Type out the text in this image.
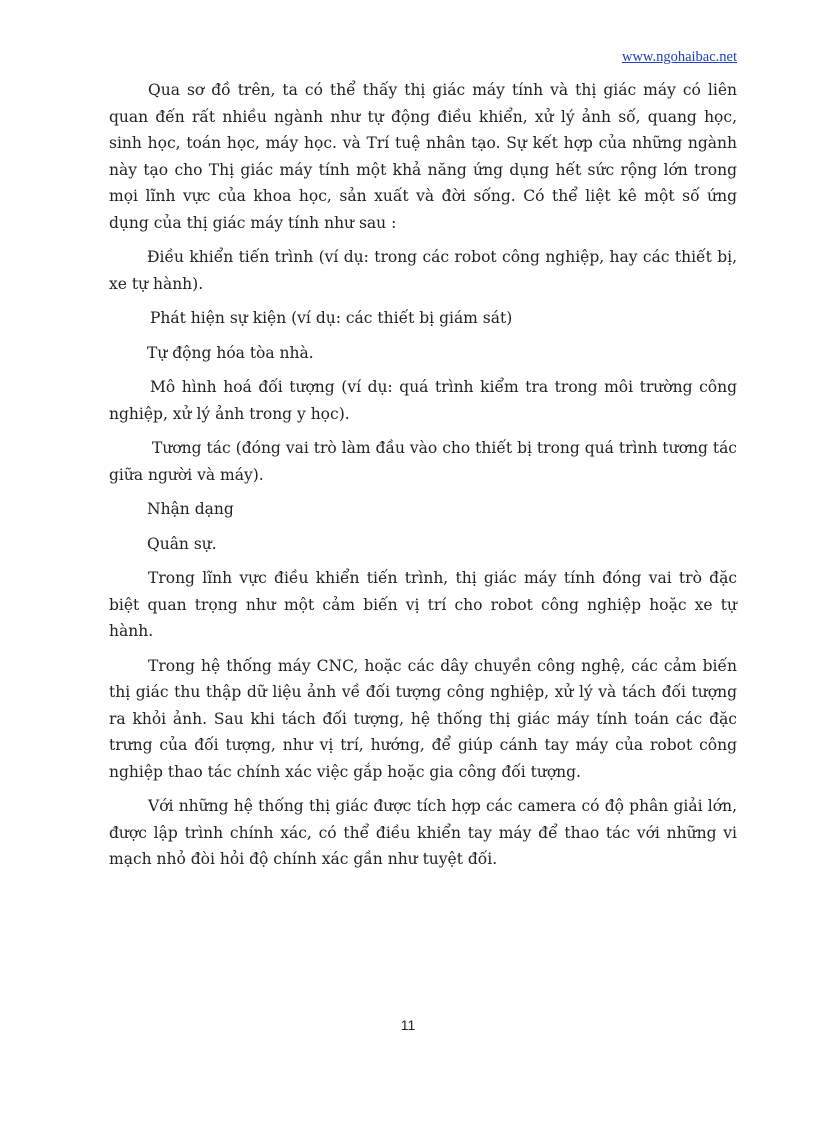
www.ngohaibac.net

Qua sơ đồ trên, ta có thể thấy thị giác máy tính và thị giác máy có liên quan đến rất nhiều ngành như tự động điều khiển, xử lý ảnh số, quang học, sinh học, toán học, máy học. và Trí tuệ nhân tạo. Sự kết hợp của những ngành này tạo cho Thị giác máy tính một khả năng ứng dụng hết sức rộng lớn trong mọi lĩnh vực của khoa học, sản xuất và đời sống. Có thể liệt kê một số ứng dụng của thị giác máy tính như sau :

Điều khiển tiến trình (ví dụ: trong các robot công nghiệp, hay các thiết bị, xe tự hành).

Phát hiện sự kiện (ví dụ: các thiết bị giám sát)

Tự động hóa tòa nhà.

Mô hình hoá đối tượng (ví dụ: quá trình kiểm tra trong môi trường công nghiệp, xử lý ảnh trong y học).

Tương tác (đóng vai trò làm đầu vào cho thiết bị trong quá trình tương tác giữa người và máy).

Nhận dạng

Quân sự.

Trong lĩnh vực điều khiển tiến trình, thị giác máy tính đóng vai trò đặc biệt quan trọng như một cảm biến vị trí cho robot công nghiệp hoặc xe tự hành.

Trong hệ thống máy CNC, hoặc các dây chuyền công nghệ, các cảm biến thị giác thu thập dữ liệu ảnh về đối tượng công nghiệp, xử lý và tách đối tượng ra khỏi ảnh. Sau khi tách đối tượng, hệ thống thị giác máy tính toán các đặc trưng của đối tượng, như vị trí, hướng, để giúp cánh tay máy của robot công nghiệp thao tác chính xác việc gắp hoặc gia công đối tượng.

Với những hệ thống thị giác được tích hợp các camera có độ phân giải lớn, được lập trình chính xác, có thể điều khiển tay máy để thao tác với những vi mạch nhỏ đòi hỏi độ chính xác gần như tuyệt đối.

11
